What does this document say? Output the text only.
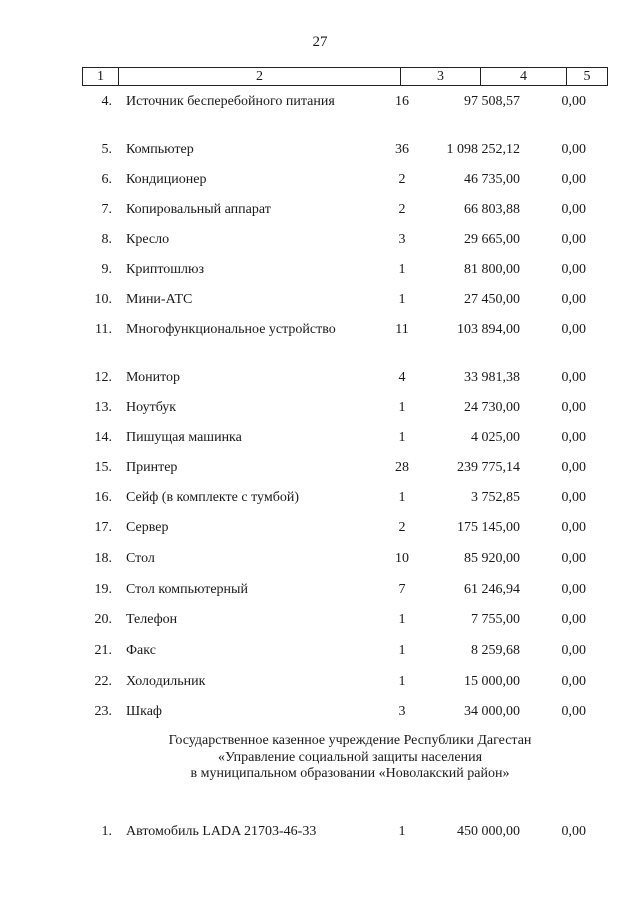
27
1	2	3	4	5
4. Источник бесперебойного питания	16	97 508,57	0,00
5. Компьютер	36	1 098 252,12	0,00
6. Кондиционер	2	46 735,00	0,00
7. Копировальный аппарат	2	66 803,88	0,00
8. Кресло	3	29 665,00	0,00
9. Криптошлюз	1	81 800,00	0,00
10. Мини-АТС	1	27 450,00	0,00
11. Многофункциональное устройство	11	103 894,00	0,00
12. Монитор	4	33 981,38	0,00
13. Ноутбук	1	24 730,00	0,00
14. Пишущая машинка	1	4 025,00	0,00
15. Принтер	28	239 775,14	0,00
16. Сейф (в комплекте с тумбой)	1	3 752,85	0,00
17. Сервер	2	175 145,00	0,00
18. Стол	10	85 920,00	0,00
19. Стол компьютерный	7	61 246,94	0,00
20. Телефон	1	7 755,00	0,00
21. Факс	1	8 259,68	0,00
22. Холодильник	1	15 000,00	0,00
23. Шкаф	3	34 000,00	0,00
Государственное казенное учреждение Республики Дагестан
«Управление социальной защиты населения
в муниципальном образовании «Новолакский район»
1. Автомобиль LADA 21703-46-33	1	450 000,00	0,00
